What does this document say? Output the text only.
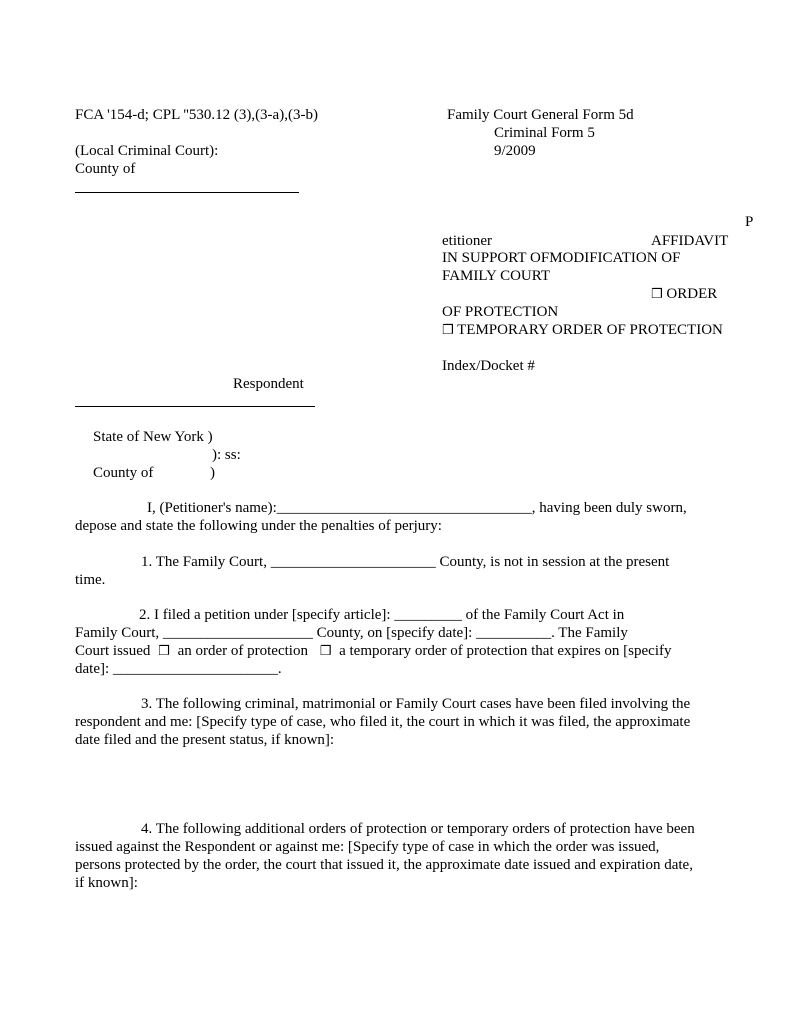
FCA '154-d; CPL ''530.12 (3),(3-a),(3-b)	Family Court General Form 5d
Criminal Form 5
(Local Criminal Court):	9/2009
County of
P
etitioner	AFFIDAVIT
IN SUPPORT OFMODIFICATION OF
FAMILY COURT
❒ ORDER
OF PROTECTION
❒ TEMPORARY ORDER OF PROTECTION
Index/Docket #
Respondent
State of New York )
): ss:
County of	)
I, (Petitioner's name):__________________________________, having been duly sworn,
depose and state the following under the penalties of perjury:
1. The Family Court, ______________________ County, is not in session at the present
time.
2. I filed a petition under [specify article]: _________ of the Family Court Act in
Family Court, ____________________ County, on [specify date]: __________. The Family
Court issued ❒ an order of protection ❒ a temporary order of protection that expires on [specify
date]: ______________________.
3. The following criminal, matrimonial or Family Court cases have been filed involving the
respondent and me: [Specify type of case, who filed it, the court in which it was filed, the approximate
date filed and the present status, if known]:
4. The following additional orders of protection or temporary orders of protection have been
issued against the Respondent or against me: [Specify type of case in which the order was issued,
persons protected by the order, the court that issued it, the approximate date issued and expiration date,
if known]:
